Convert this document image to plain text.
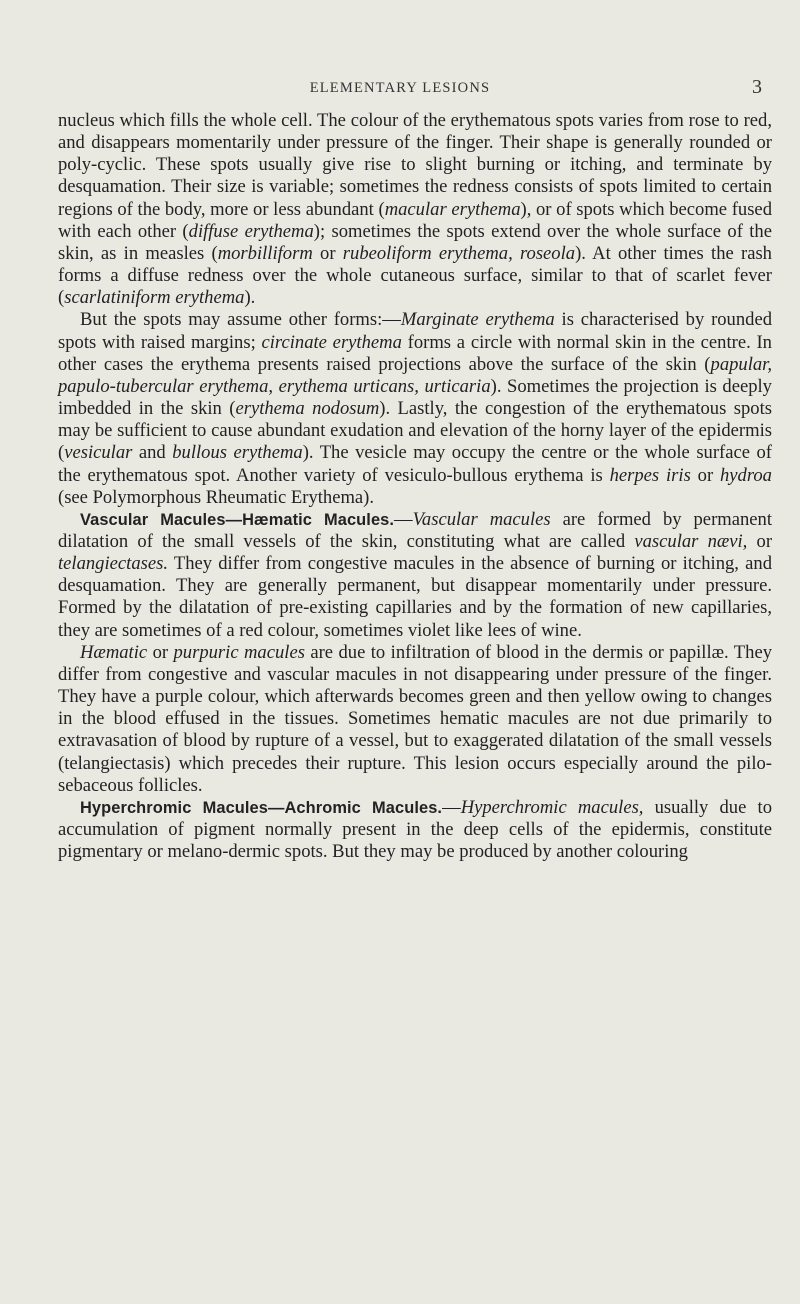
ELEMENTARY LESIONS	3

nucleus which fills the whole cell. The colour of the erythematous spots varies from rose to red, and disappears momentarily under pressure of the finger. Their shape is generally rounded or poly-cyclic. These spots usually give rise to slight burning or itching, and terminate by desquamation. Their size is variable; sometimes the redness consists of spots limited to certain regions of the body, more or less abundant (macular erythema), or of spots which become fused with each other (diffuse erythema); sometimes the spots extend over the whole surface of the skin, as in measles (morbilliform or rubeoliform erythema, roseola). At other times the rash forms a diffuse redness over the whole cutaneous surface, similar to that of scarlet fever (scarlatiniform erythema).

But the spots may assume other forms:—Marginate erythema is characterised by rounded spots with raised margins; circinate erythema forms a circle with normal skin in the centre. In other cases the erythema presents raised projections above the surface of the skin (papular, papulo-tubercular erythema, erythema urticans, urticaria). Sometimes the projection is deeply imbedded in the skin (erythema nodosum). Lastly, the congestion of the erythematous spots may be sufficient to cause abundant exudation and elevation of the horny layer of the epidermis (vesicular and bullous erythema). The vesicle may occupy the centre or the whole surface of the erythematous spot. Another variety of vesiculo-bullous erythema is herpes iris or hydroa (see Polymorphous Rheumatic Erythema).

Vascular Macules—Hæmatic Macules.—Vascular macules are formed by permanent dilatation of the small vessels of the skin, constituting what are called vascular nævi, or telangiectases. They differ from congestive macules in the absence of burning or itching, and desquamation. They are generally permanent, but disappear momentarily under pressure. Formed by the dilatation of pre-existing capillaries and by the formation of new capillaries, they are sometimes of a red colour, sometimes violet like lees of wine.

Hæmatic or purpuric macules are due to infiltration of blood in the dermis or papillæ. They differ from congestive and vascular macules in not disappearing under pressure of the finger. They have a purple colour, which afterwards becomes green and then yellow owing to changes in the blood effused in the tissues. Sometimes hematic macules are not due primarily to extravasation of blood by rupture of a vessel, but to exaggerated dilatation of the small vessels (telangiectasis) which precedes their rupture. This lesion occurs especially around the pilo-sebaceous follicles.

Hyperchromic Macules—Achromic Macules.—Hyperchromic macules, usually due to accumulation of pigment normally present in the deep cells of the epidermis, constitute pigmentary or melano-dermic spots. But they may be produced by another colouring
